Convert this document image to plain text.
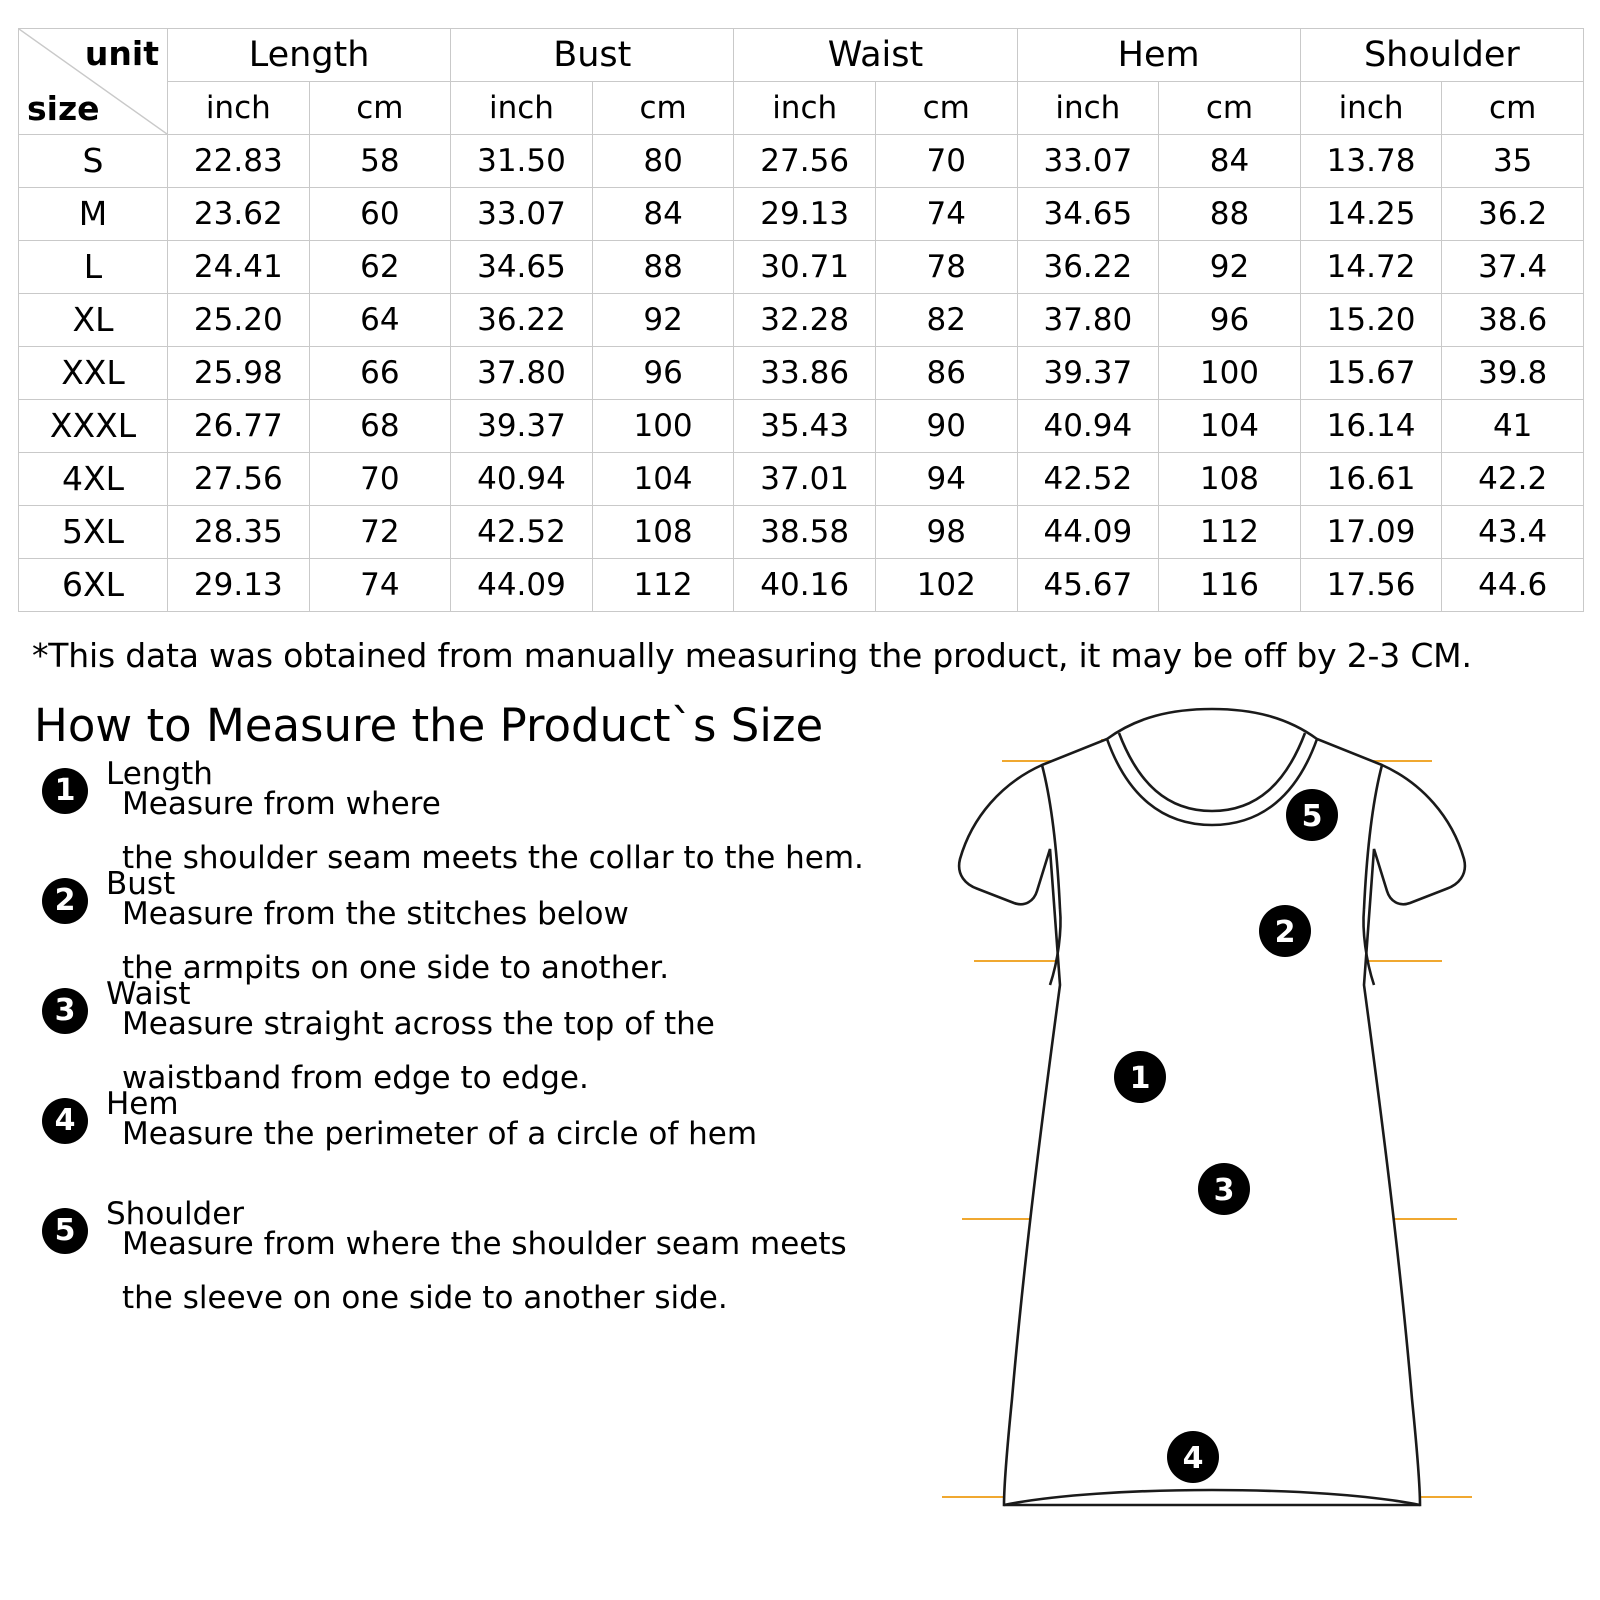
unit
size	Length		Bust		Waist		Hem		Shoulder	
	inch	cm	inch	cm	inch	cm	inch	cm	inch	cm
S	22.83	58	31.50	80	27.56	70	33.07	84	13.78	35
M	23.62	60	33.07	84	29.13	74	34.65	88	14.25	36.2
L	24.41	62	34.65	88	30.71	78	36.22	92	14.72	37.4
XL	25.20	64	36.22	92	32.28	82	37.80	96	15.20	38.6
XXL	25.98	66	37.80	96	33.86	86	39.37	100	15.67	39.8
XXXL	26.77	68	39.37	100	35.43	90	40.94	104	16.14	41
4XL	27.56	70	40.94	104	37.01	94	42.52	108	16.61	42.2
5XL	28.35	72	42.52	108	38.58	98	44.09	112	17.09	43.4
6XL	29.13	74	44.09	112	40.16	102	45.67	116	17.56	44.6
*This data was obtained from manually measuring the product, it may be off by 2-3 CM.
How to Measure the Product`s Size
1 Length
Measure from where
the shoulder seam meets the collar to the hem.
2 Bust
Measure from the stitches below
the armpits on one side to another.
3 Waist
Measure straight across the top of the
waistband from edge to edge.
4 Hem
Measure the perimeter of a circle of hem
5 Shoulder
Measure from where the shoulder seam meets
the sleeve on one side to another side.
5
2
1
3
4
